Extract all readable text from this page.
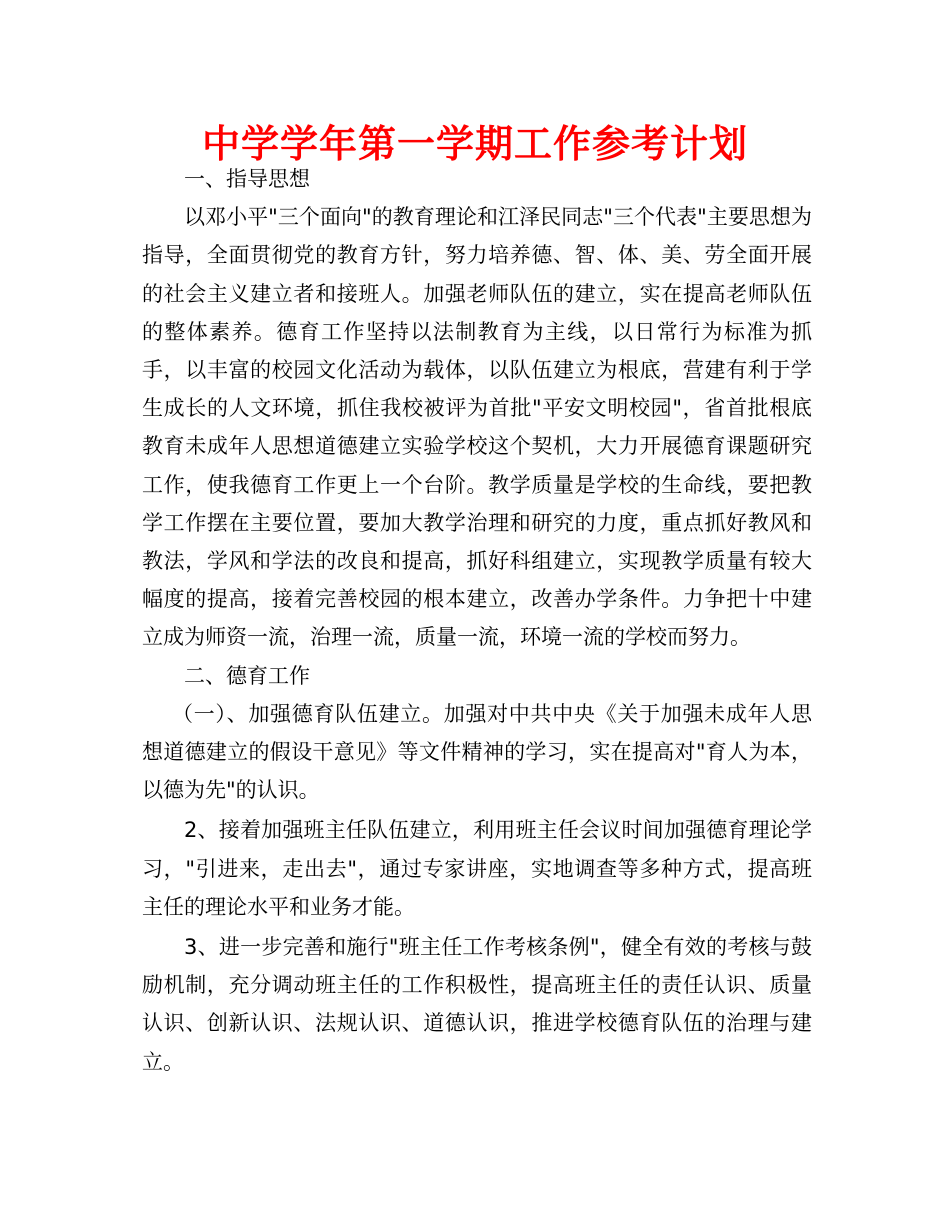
中学学年第一学期工作参考计划

一、指导思想

以邓小平"三个面向"的教育理论和江泽民同志"三个代表"主要思想为指导，全面贯彻党的教育方针，努力培养德、智、体、美、劳全面开展的社会主义建立者和接班人。加强老师队伍的建立，实在提高老师队伍的整体素养。德育工作坚持以法制教育为主线，以日常行为标准为抓手，以丰富的校园文化活动为载体，以队伍建立为根底，营建有利于学生成长的人文环境，抓住我校被评为首批"平安文明校园"，省首批根底教育未成年人思想道德建立实验学校这个契机，大力开展德育课题研究工作，使我德育工作更上一个台阶。教学质量是学校的生命线，要把教学工作摆在主要位置，要加大教学治理和研究的力度，重点抓好教风和教法，学风和学法的改良和提高，抓好科组建立，实现教学质量有较大幅度的提高，接着完善校园的根本建立，改善办学条件。力争把十中建立成为师资一流，治理一流，质量一流，环境一流的学校而努力。

二、德育工作

（一）、加强德育队伍建立。加强对中共中央《关于加强未成年人思想道德建立的假设干意见》等文件精神的学习，实在提高对"育人为本，以德为先"的认识。

2、接着加强班主任队伍建立，利用班主任会议时间加强德育理论学习，"引进来，走出去"，通过专家讲座，实地调查等多种方式，提高班主任的理论水平和业务才能。

3、进一步完善和施行"班主任工作考核条例"，健全有效的考核与鼓励机制，充分调动班主任的工作积极性，提高班主任的责任认识、质量认识、创新认识、法规认识、道德认识，推进学校德育队伍的治理与建立。
